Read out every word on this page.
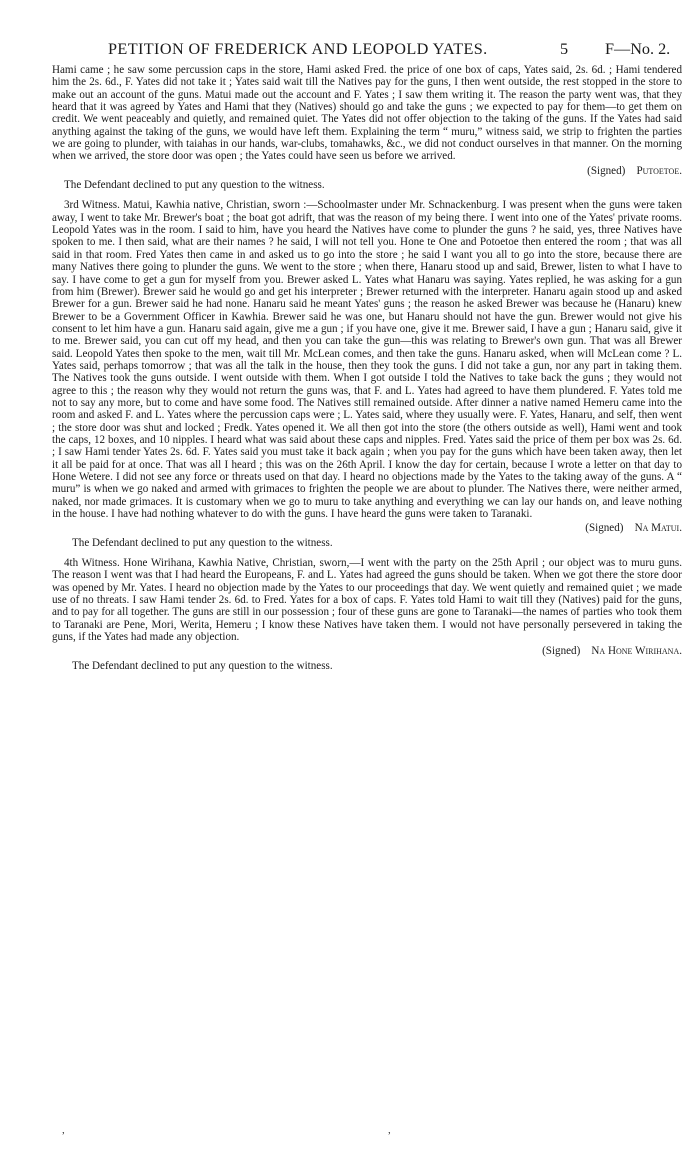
PETITION OF FREDERICK AND LEOPOLD YATES.	5 F—No. 2.

Hami came ; he saw some percussion caps in the store, Hami asked Fred. the price of one box of caps, Yates said, 2s. 6d. ; Hami tendered him the 2s. 6d., F. Yates did not take it ; Yates said wait till the Natives pay for the guns, I then went outside, the rest stopped in the store to make out an account of the guns. Matui made out the account and F. Yates ; I saw them writing it. The reason the party went was, that they heard that it was agreed by Yates and Hami that they (Natives) should go and take the guns ; we expected to pay for them—to get them on credit. We went peaceably and quietly, and remained quiet. The Yates did not offer objection to the taking of the guns. If the Yates had said anything against the taking of the guns, we would have left them. Explaining the term “ muru,” witness said, we strip to frighten the parties we are going to plunder, with taiahas in our hands, war-clubs, tomahawks, &c., we did not conduct ourselves in that manner. On the morning when we arrived, the store door was open ; the Yates could have seen us before we arrived.

(Signed) Putoetoe.

The Defendant declined to put any question to the witness.

3rd Witness. Matui, Kawhia native, Christian, sworn :—Schoolmaster under Mr. Schnackenburg. I was present when the guns were taken away, I went to take Mr. Brewer's boat ; the boat got adrift, that was the reason of my being there. I went into one of the Yates' private rooms. Leopold Yates was in the room. I said to him, have you heard the Natives have come to plunder the guns ? he said, yes, three Natives have spoken to me. I then said, what are their names ? he said, I will not tell you. Hone te One and Potoetoe then entered the room ; that was all said in that room. Fred Yates then came in and asked us to go into the store ; he said I want you all to go into the store, because there are many Natives there going to plunder the guns. We went to the store ; when there, Hanaru stood up and said, Brewer, listen to what I have to say. I have come to get a gun for myself from you. Brewer asked L. Yates what Hanaru was saying. Yates replied, he was asking for a gun from him (Brewer). Brewer said he would go and get his interpreter ; Brewer returned with the interpreter. Hanaru again stood up and asked Brewer for a gun. Brewer said he had none. Hanaru said he meant Yates' guns ; the reason he asked Brewer was because he (Hanaru) knew Brewer to be a Government Officer in Kawhia. Brewer said he was one, but Hanaru should not have the gun. Brewer would not give his consent to let him have a gun. Hanaru said again, give me a gun ; if you have one, give it me. Brewer said, I have a gun ; Hanaru said, give it to me. Brewer said, you can cut off my head, and then you can take the gun—this was relating to Brewer's own gun. That was all Brewer said. Leopold Yates then spoke to the men, wait till Mr. McLean comes, and then take the guns. Hanaru asked, when will McLean come ? L. Yates said, perhaps tomorrow ; that was all the talk in the house, then they took the guns. I did not take a gun, nor any part in taking them. The Natives took the guns outside. I went outside with them. When I got outside I told the Natives to take back the guns ; they would not agree to this ; the reason why they would not return the guns was, that F. and L. Yates had agreed to have them plundered. F. Yates told me not to say any more, but to come and have some food. The Natives still remained outside. After dinner a native named Hemeru came into the room and asked F. and L. Yates where the percussion caps were ; L. Yates said, where they usually were. F. Yates, Hanaru, and self, then went ; the store door was shut and locked ; Fredk. Yates opened it. We all then got into the store (the others outside as well), Hami went and took the caps, 12 boxes, and 10 nipples. I heard what was said about these caps and nipples. Fred. Yates said the price of them per box was 2s. 6d. ; I saw Hami tender Yates 2s. 6d. F. Yates said you must take it back again ; when you pay for the guns which have been taken away, then let it all be paid for at once. That was all I heard ; this was on the 26th April. I know the day for certain, because I wrote a letter on that day to Hone Wetere. I did not see any force or threats used on that day. I heard no objections made by the Yates to the taking away of the guns. A “ muru” is when we go naked and armed with grimaces to frighten the people we are about to plunder. The Natives there, were neither armed, naked, nor made grimaces. It is customary when we go to muru to take anything and everything we can lay our hands on, and leave nothing in the house. I have had nothing whatever to do with the guns. I have heard the guns were taken to Taranaki.

(Signed) Na Matui.

The Defendant declined to put any question to the witness.

4th Witness. Hone Wirihana, Kawhia Native, Christian, sworn,—I went with the party on the 25th April ; our object was to muru guns. The reason I went was that I had heard the Europeans, F. and L. Yates had agreed the guns should be taken. When we got there the store door was opened by Mr. Yates. I heard no objection made by the Yates to our proceedings that day. We went quietly and remained quiet ; we made use of no threats. I saw Hami tender 2s. 6d. to Fred. Yates for a box of caps. F. Yates told Hami to wait till they (Natives) paid for the guns, and to pay for all together. The guns are still in our possession ; four of these guns are gone to Taranaki—the names of parties who took them to Taranaki are Pene, Mori, Werita, Hemeru ; I know these Natives have taken them. I would not have personally persevered in taking the guns, if the Yates had made any objection.

(Signed) Na Hone Wirihana.

The Defendant declined to put any question to the witness.

,	,
